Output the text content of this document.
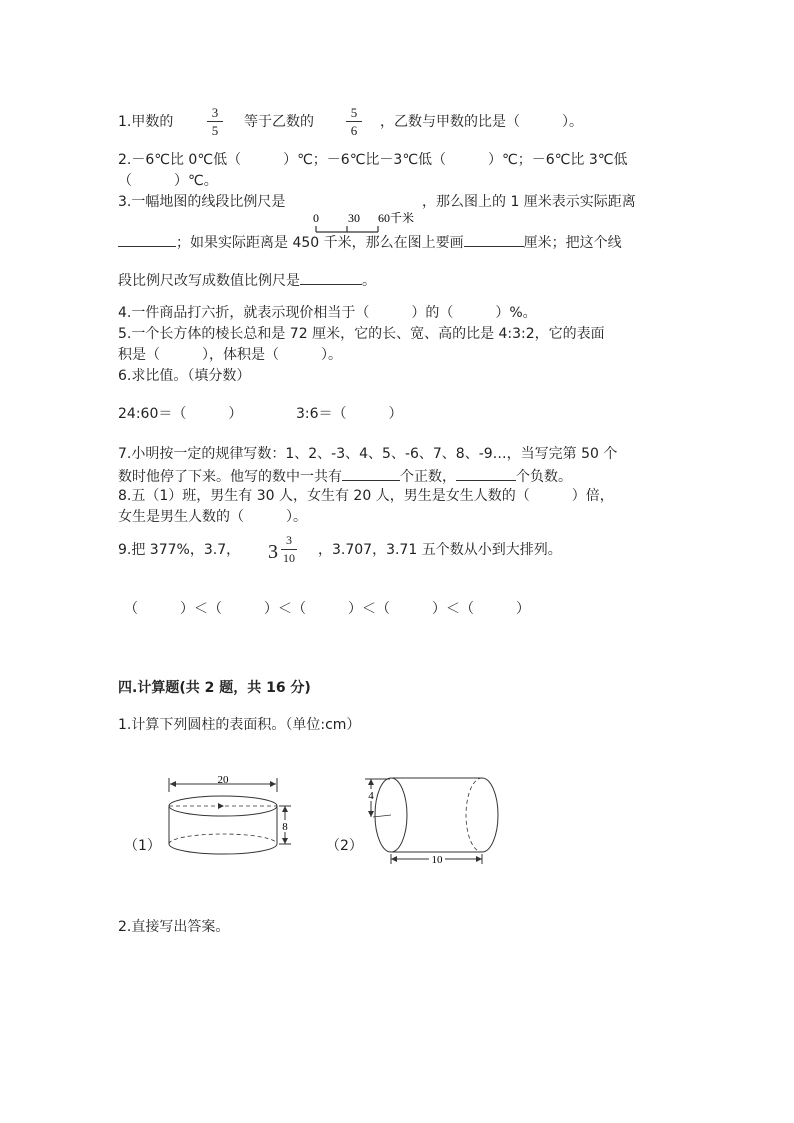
1.甲数的
3
5
等于乙数的
5
6
，乙数与甲数的比是（　　　）。
2.－6℃比 0℃低（　　　）℃；－6℃比－3℃低（　　　）℃；－6℃比 3℃低
（　　　）℃。
3.一幅地图的线段比例尺是	，那么图上的 1 厘米表示实际距离
0 30 60千米
；如果实际距离是 450 千米，那么在图上要画	厘米；把这个线
段比例尺改写成数值比例尺是	。
4.一件商品打六折，就表示现价相当于（　　　）的（　　　）%。
5.一个长方体的棱长总和是 72 厘米，它的长、宽、高的比是 4:3:2，它的表面
积是（　　　），体积是（　　　）。
6.求比值。（填分数）
24:60＝（　　　）	3:6＝（　　　）
7.小明按一定的规律写数：1、2、-3、4、5、-6、7、8、-9…，当写完第 50 个
数时他停了下来。他写的数中一共有	个正数，	个负数。
8.五（1）班，男生有 30 人，女生有 20 人，男生是女生人数的（　　　）倍，
女生是男生人数的（　　　）。
9.把 377%，3.7， 3
3
10 ，3.707，3.71 五个数从小到大排列。
（　　　）＜（　　　）＜（　　　）＜（　　　）＜（　　　）
四.计算题(共 2 题，共 16 分)
1.计算下列圆柱的表面积。（单位:cm）
（1）
20
8
（2）
4
10
2.直接写出答案。
